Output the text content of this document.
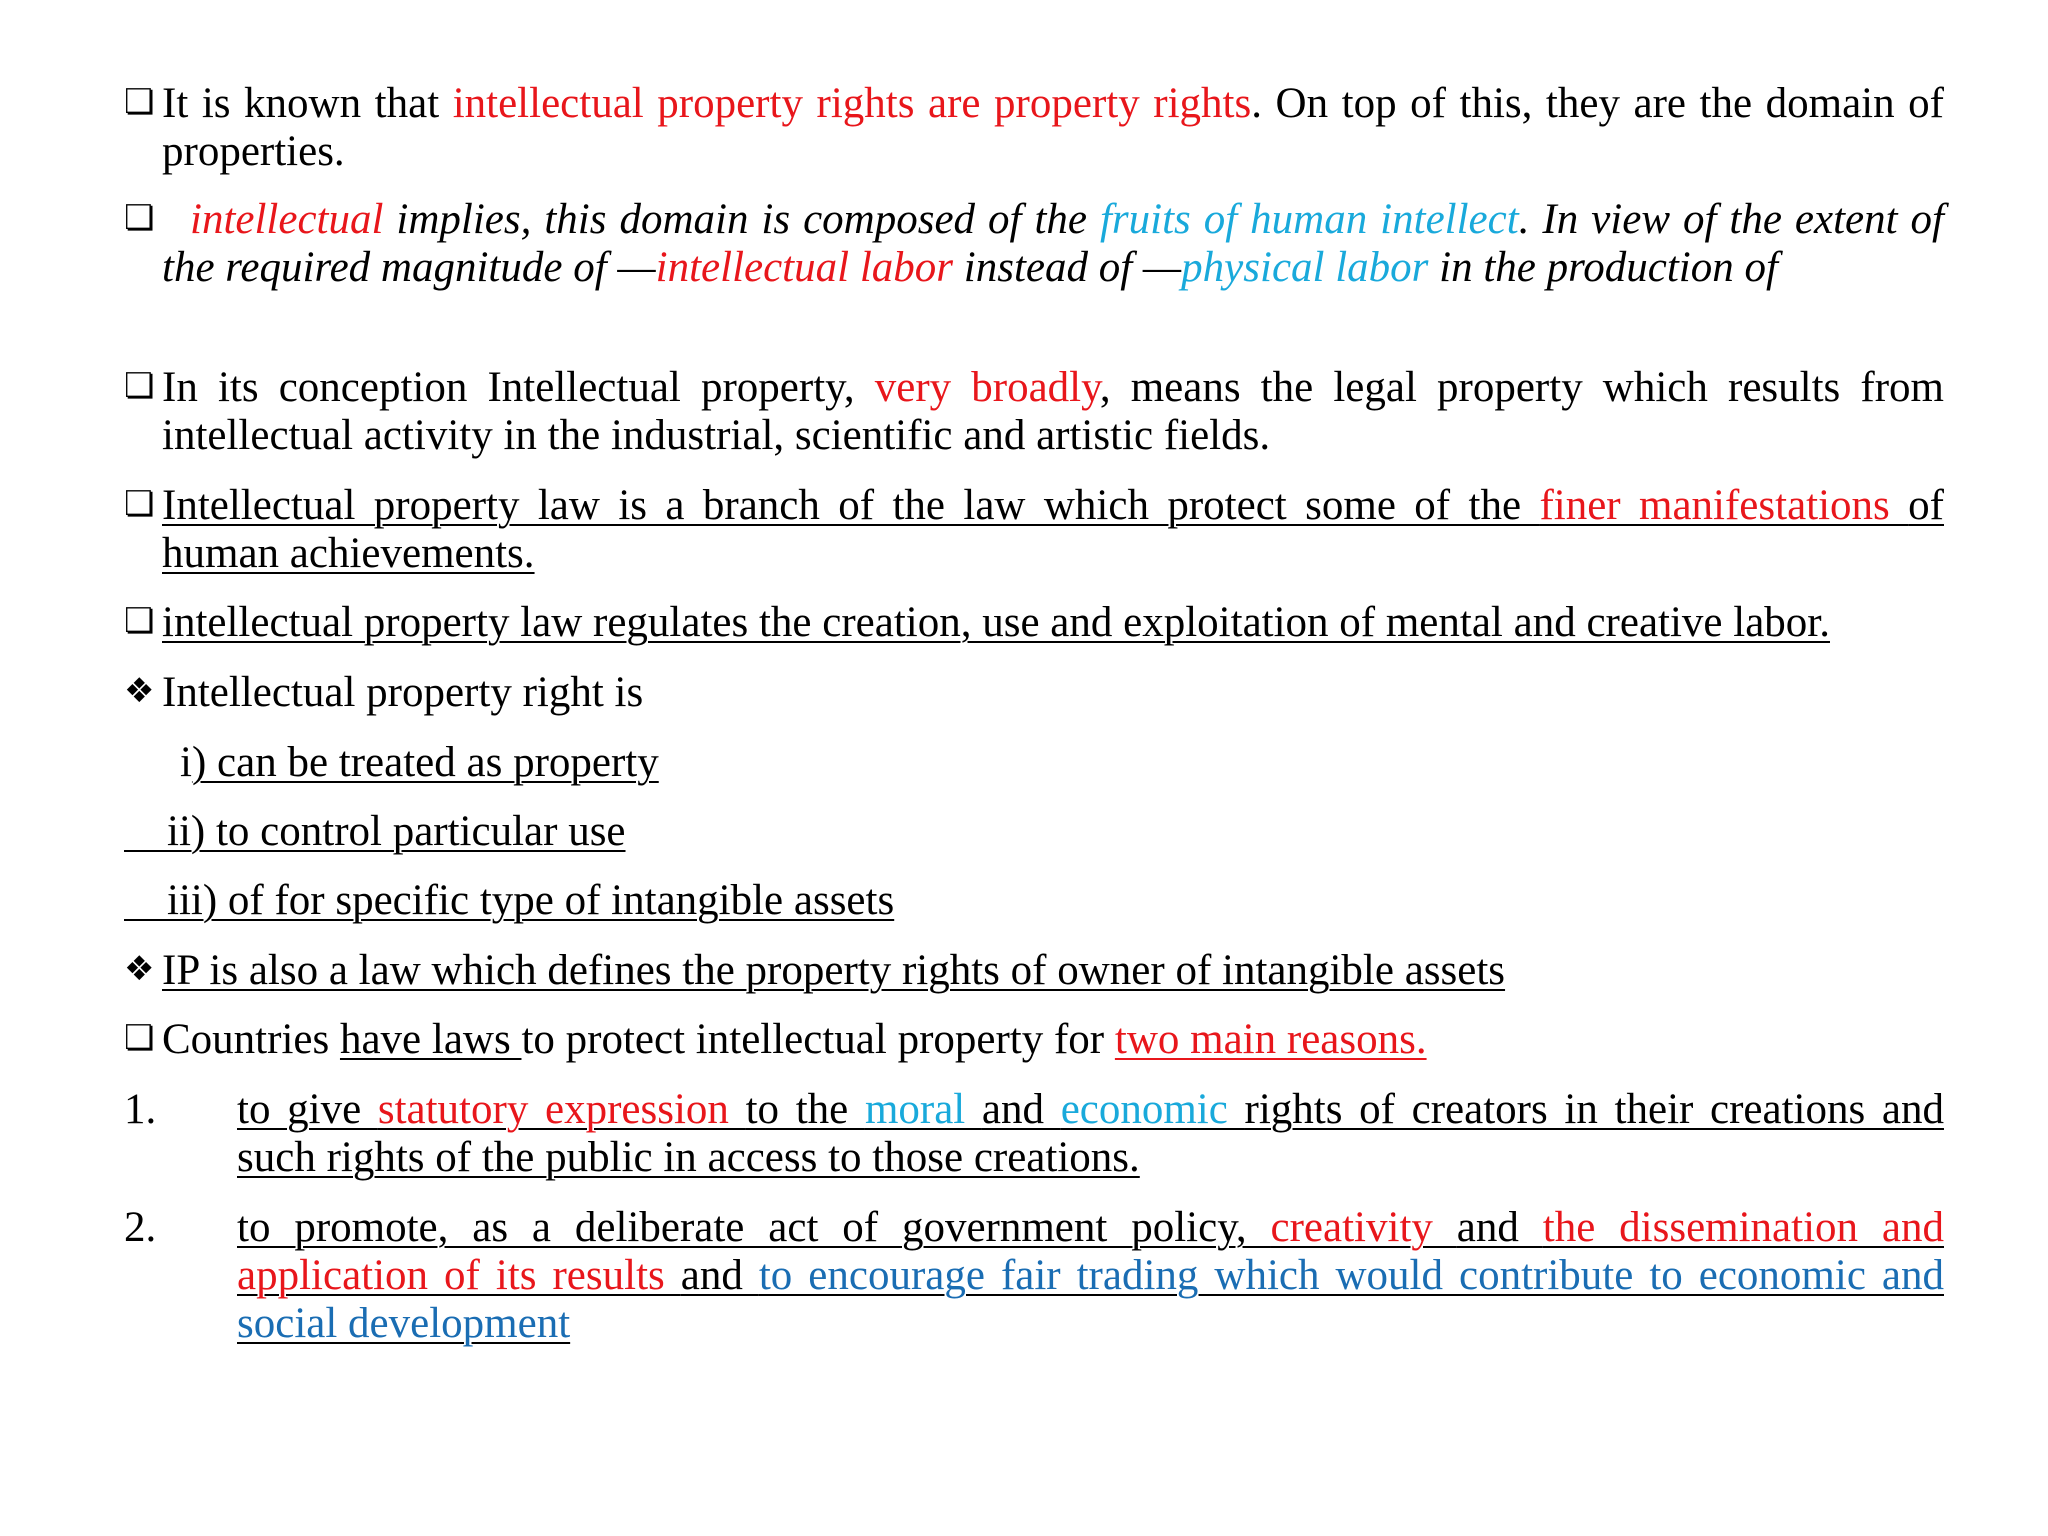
❏ It is known that intellectual property rights are property rights. On top of this, they are the domain of properties.
❏ intellectual implies, this domain is composed of the fruits of human intellect. In view of the extent of the required magnitude of —intellectual labor instead of —physical labor in the production of
❏ In its conception Intellectual property, very broadly, means the legal property which results from intellectual activity in the industrial, scientific and artistic fields.
❏ Intellectual property law is a branch of the law which protect some of the finer manifestations of human achievements.
❏ intellectual property law regulates the creation, use and exploitation of mental and creative labor.
❖ Intellectual property right is
i) can be treated as property
ii) to control particular use
iii) of for specific type of intangible assets
❖ IP is also a law which defines the property rights of owner of intangible assets
❏ Countries have laws to protect intellectual property for two main reasons.
1. to give statutory expression to the moral and economic rights of creators in their creations and such rights of the public in access to those creations.
2. to promote, as a deliberate act of government policy, creativity and the dissemination and application of its results and to encourage fair trading which would contribute to economic and social development
